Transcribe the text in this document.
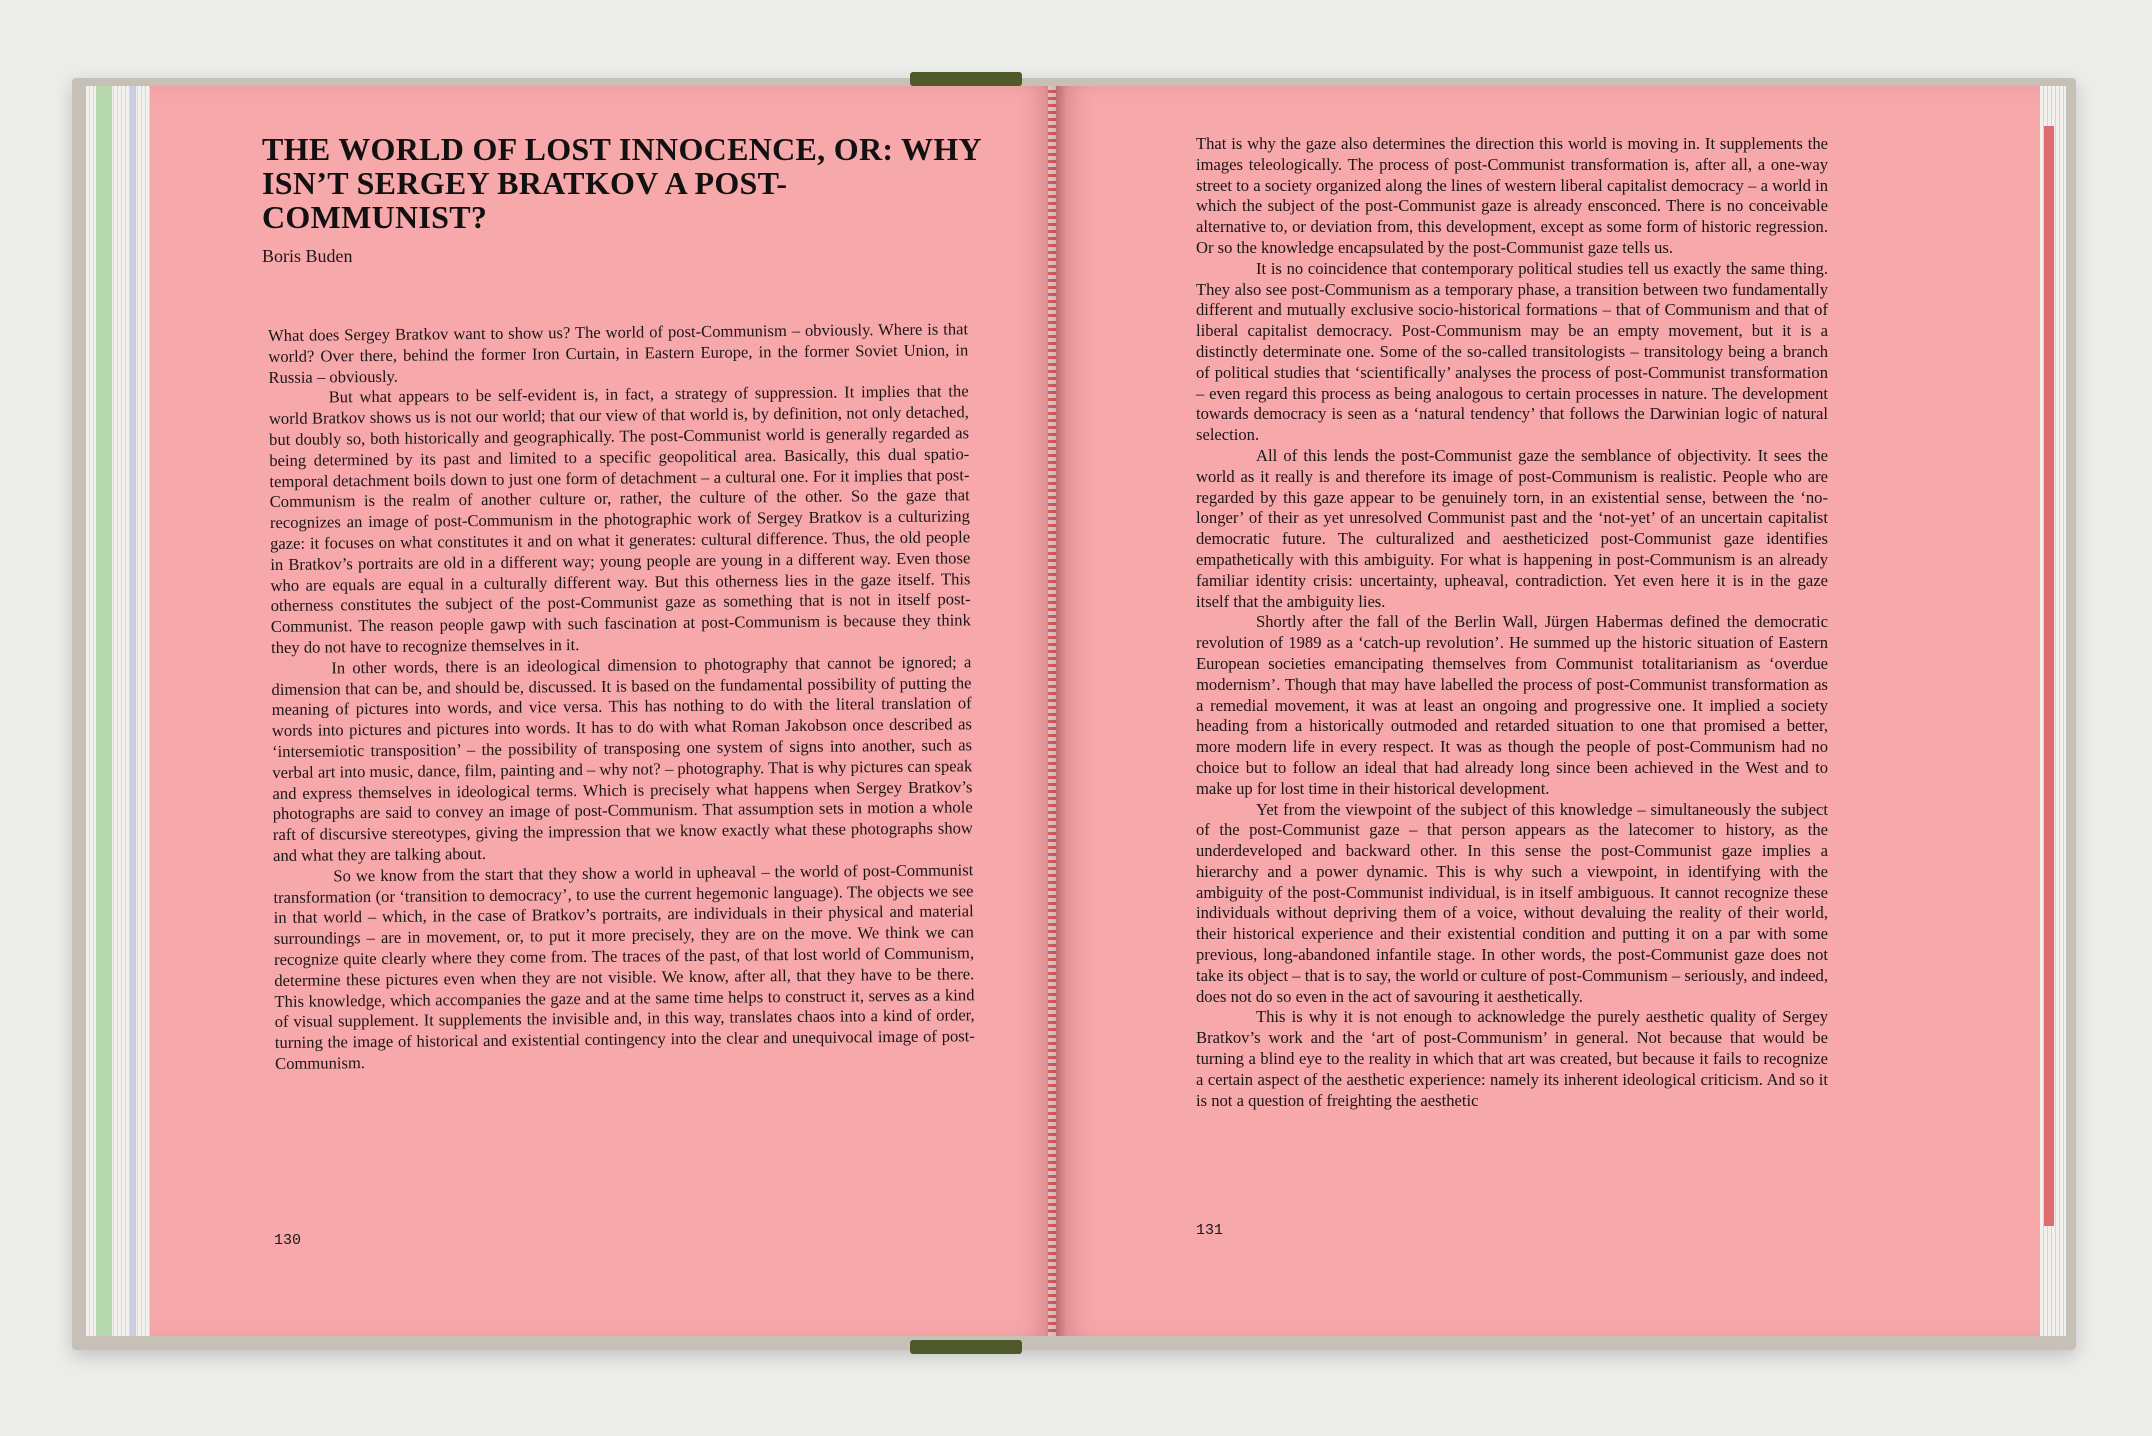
THE WORLD OF LOST INNOCENCE, OR: WHY ISN’T SERGEY BRATKOV A POST-COMMUNIST?
Boris Buden

What does Sergey Bratkov want to show us? The world of post-Communism – obviously. Where is that world? Over there, behind the former Iron Curtain, in Eastern Europe, in the former Soviet Union, in Russia – obviously.

But what appears to be self-evident is, in fact, a strategy of suppression. It implies that the world Bratkov shows us is not our world; that our view of that world is, by definition, not only detached, but doubly so, both historically and geographically. The post-Communist world is generally regarded as being determined by its past and limited to a specific geopolitical area. Basically, this dual spatio-temporal detachment boils down to just one form of detachment – a cultural one. For it implies that post-Communism is the realm of another culture or, rather, the culture of the other. So the gaze that recognizes an image of post-Communism in the photographic work of Sergey Bratkov is a culturizing gaze: it focuses on what constitutes it and on what it generates: cultural difference. Thus, the old people in Bratkov’s portraits are old in a different way; young people are young in a different way. Even those who are equals are equal in a culturally different way. But this otherness lies in the gaze itself. This otherness constitutes the subject of the post-Communist gaze as something that is not in itself post-Communist. The reason people gawp with such fascination at post-Communism is because they think they do not have to recognize themselves in it.

In other words, there is an ideological dimension to photography that cannot be ignored; a dimension that can be, and should be, discussed. It is based on the fundamental possibility of putting the meaning of pictures into words, and vice versa. This has nothing to do with the literal translation of words into pictures and pictures into words. It has to do with what Roman Jakobson once described as ‘intersemiotic transposition’ – the possibility of transposing one system of signs into another, such as verbal art into music, dance, film, painting and – why not? – photography. That is why pictures can speak and express themselves in ideological terms. Which is precisely what happens when Sergey Bratkov’s photographs are said to convey an image of post-Communism. That assumption sets in motion a whole raft of discursive stereotypes, giving the impression that we know exactly what these photographs show and what they are talking about.

So we know from the start that they show a world in upheaval – the world of post-Communist transformation (or ‘transition to democracy’, to use the current hegemonic language). The objects we see in that world – which, in the case of Bratkov’s portraits, are individuals in their physical and material surroundings – are in movement, or, to put it more precisely, they are on the move. We think we can recognize quite clearly where they come from. The traces of the past, of that lost world of Communism, determine these pictures even when they are not visible. We know, after all, that they have to be there. This knowledge, which accompanies the gaze and at the same time helps to construct it, serves as a kind of visual supplement. It supplements the invisible and, in this way, translates chaos into a kind of order, turning the image of historical and existential contingency into the clear and unequivocal image of post-Communism.

130

That is why the gaze also determines the direction this world is moving in. It supplements the images teleologically. The process of post-Communist transformation is, after all, a one-way street to a society organized along the lines of western liberal capitalist democracy – a world in which the subject of the post-Communist gaze is already ensconced. There is no conceivable alternative to, or deviation from, this development, except as some form of historic regression. Or so the knowledge encapsulated by the post-Communist gaze tells us.

It is no coincidence that contemporary political studies tell us exactly the same thing. They also see post-Communism as a temporary phase, a transition between two fundamentally different and mutually exclusive socio-historical formations – that of Communism and that of liberal capitalist democracy. Post-Communism may be an empty movement, but it is a distinctly determinate one. Some of the so-called transitologists – transitology being a branch of political studies that ‘scientifically’ analyses the process of post-Communist transformation – even regard this process as being analogous to certain processes in nature. The development towards democracy is seen as a ‘natural tendency’ that follows the Darwinian logic of natural selection.

All of this lends the post-Communist gaze the semblance of objectivity. It sees the world as it really is and therefore its image of post-Communism is realistic. People who are regarded by this gaze appear to be genuinely torn, in an existential sense, between the ‘no-longer’ of their as yet unresolved Communist past and the ‘not-yet’ of an uncertain capitalist democratic future. The culturalized and aestheticized post-Communist gaze identifies empathetically with this ambiguity. For what is happening in post-Communism is an already familiar identity crisis: uncertainty, upheaval, contradiction. Yet even here it is in the gaze itself that the ambiguity lies.

Shortly after the fall of the Berlin Wall, Jürgen Habermas defined the democratic revolution of 1989 as a ‘catch-up revolution’. He summed up the historic situation of Eastern European societies emancipating themselves from Communist totalitarianism as ‘overdue modernism’. Though that may have labelled the process of post-Communist transformation as a remedial movement, it was at least an ongoing and progressive one. It implied a society heading from a historically outmoded and retarded situation to one that promised a better, more modern life in every respect. It was as though the people of post-Communism had no choice but to follow an ideal that had already long since been achieved in the West and to make up for lost time in their historical development.

Yet from the viewpoint of the subject of this knowledge – simultaneously the subject of the post-Communist gaze – that person appears as the latecomer to history, as the underdeveloped and backward other. In this sense the post-Communist gaze implies a hierarchy and a power dynamic. This is why such a viewpoint, in identifying with the ambiguity of the post-Communist individual, is in itself ambiguous. It cannot recognize these individuals without depriving them of a voice, without devaluing the reality of their world, their historical experience and their existential condition and putting it on a par with some previous, long-abandoned infantile stage. In other words, the post-Communist gaze does not take its object – that is to say, the world or culture of post-Communism – seriously, and indeed, does not do so even in the act of savouring it aesthetically.

This is why it is not enough to acknowledge the purely aesthetic quality of Sergey Bratkov’s work and the ‘art of post-Communism’ in general. Not because that would be turning a blind eye to the reality in which that art was created, but because it fails to recognize a certain aspect of the aesthetic experience: namely its inherent ideological criticism. And so it is not a question of freighting the aesthetic

131
